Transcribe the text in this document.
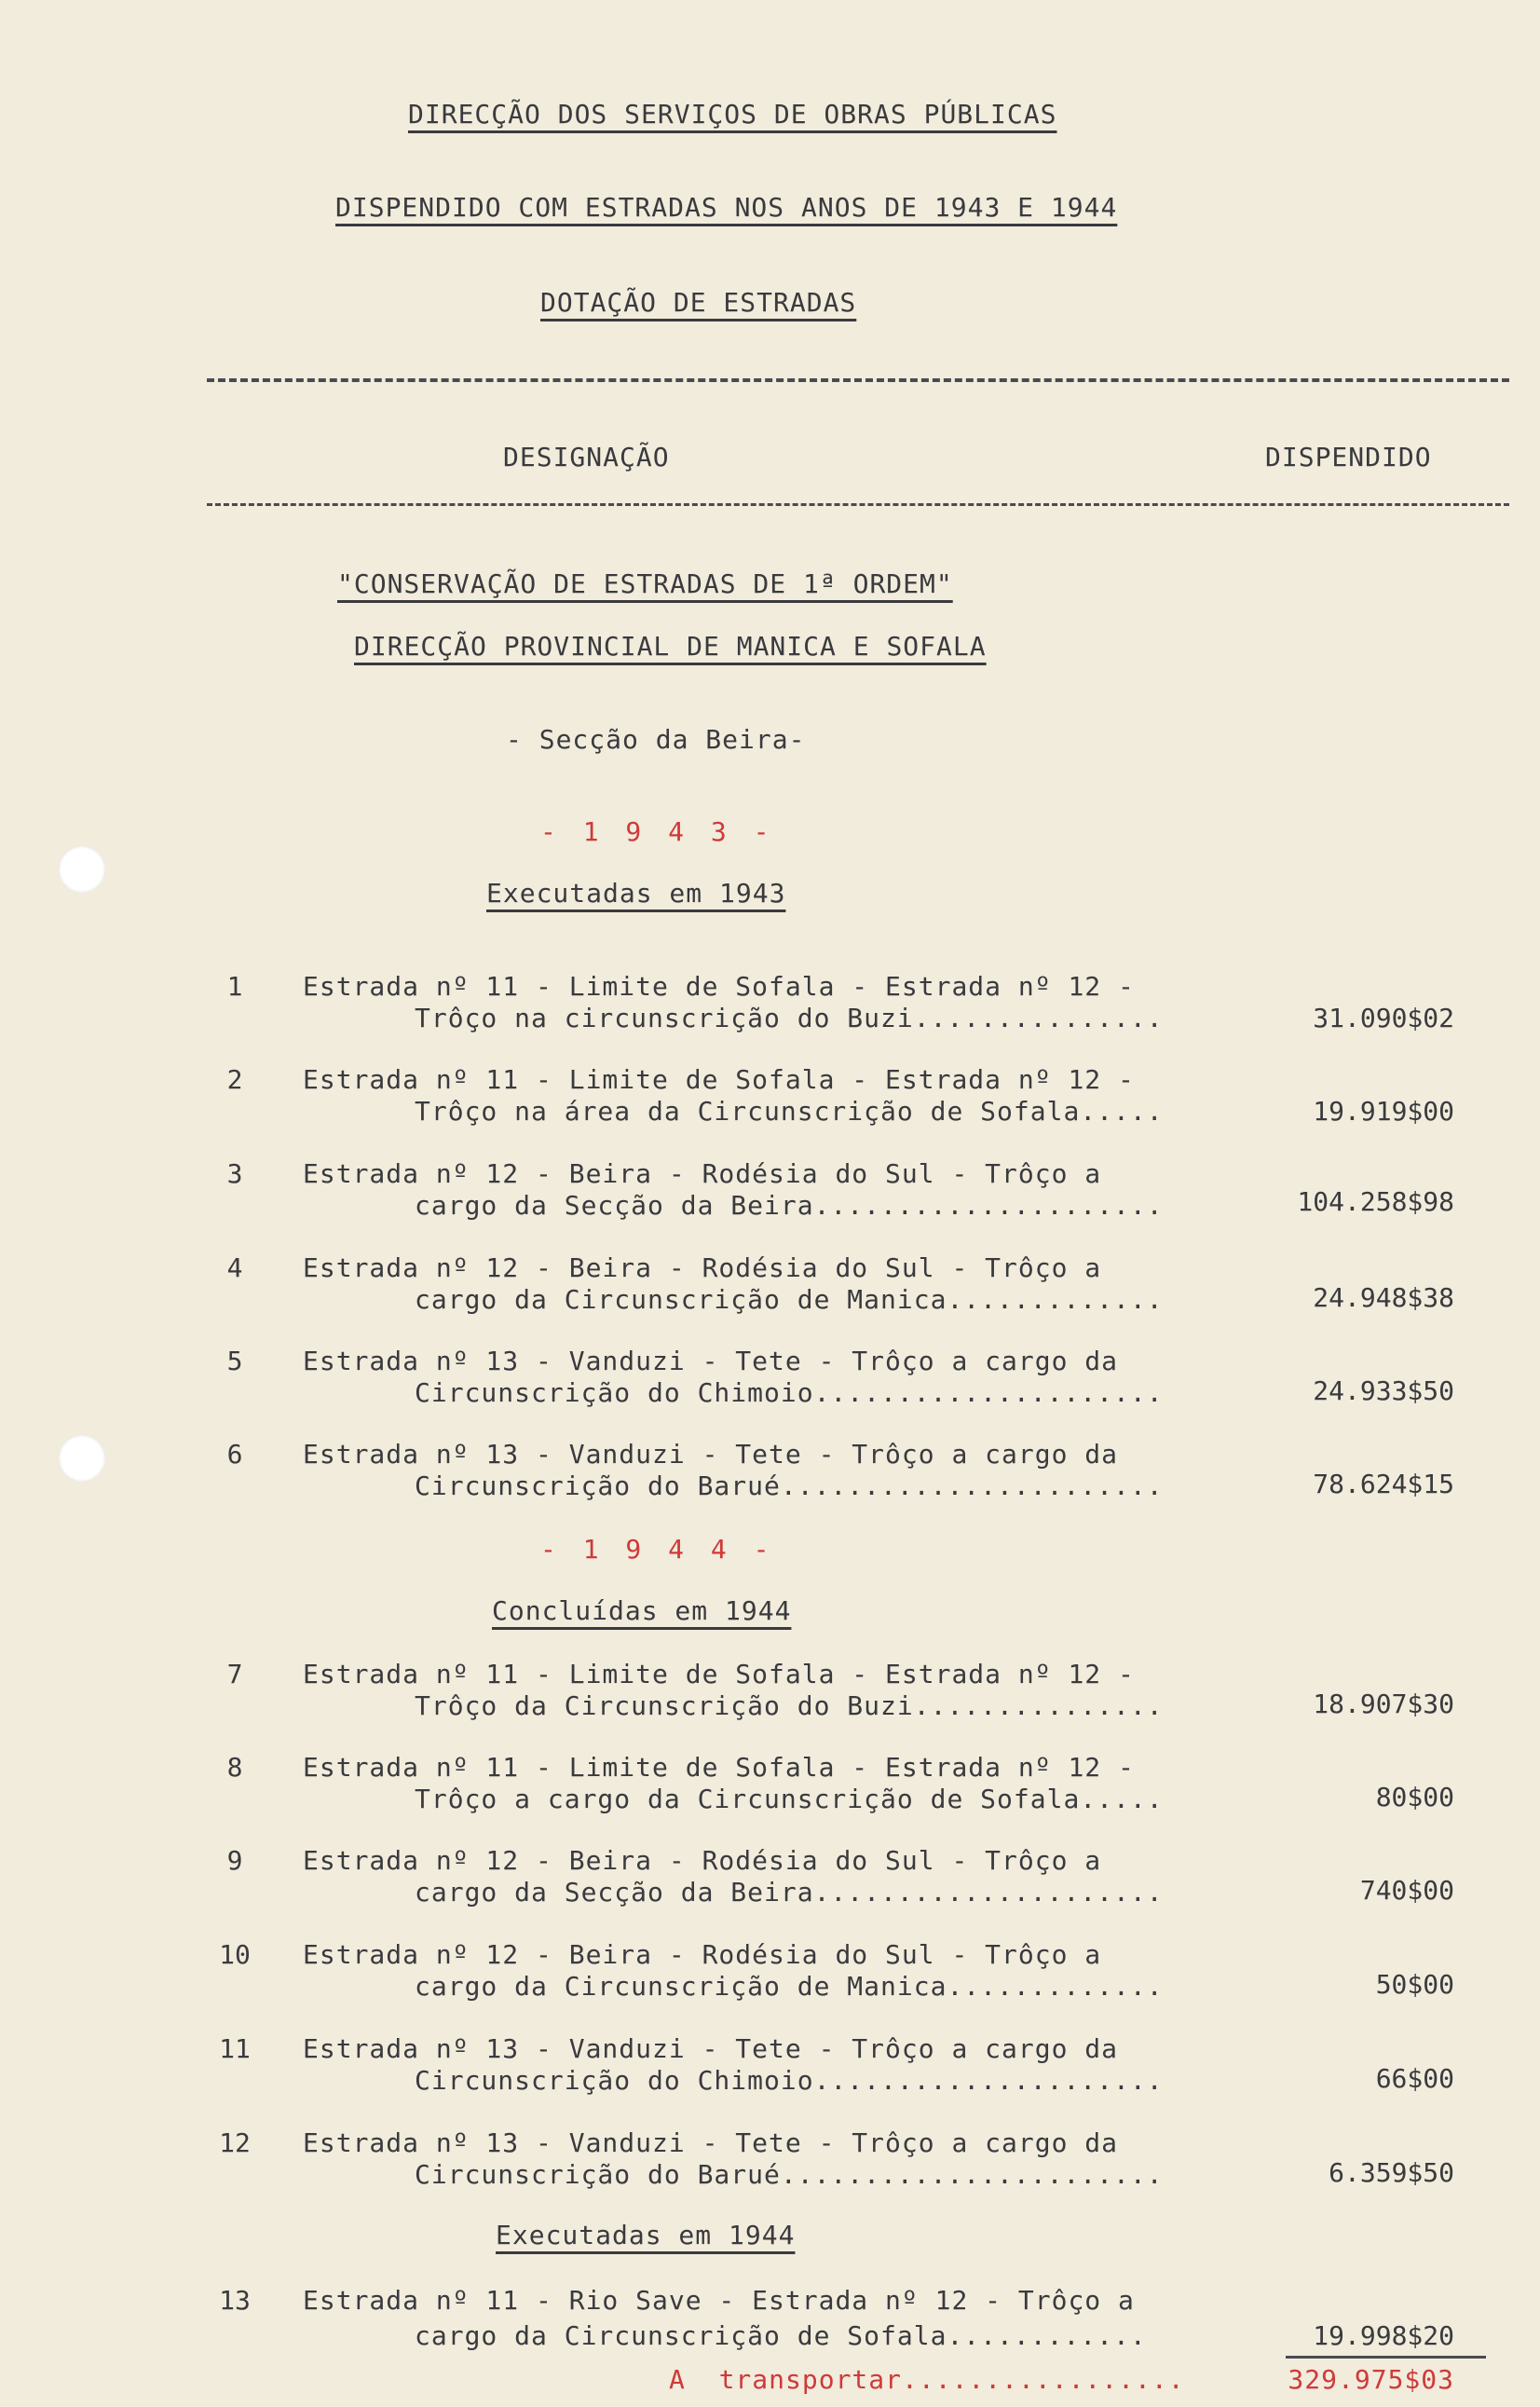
DIRECÇÃO DOS SERVIÇOS DE OBRAS PÚBLICAS
DISPENDIDO COM ESTRADAS NOS ANOS DE 1943 E 1944
DOTAÇÃO DE ESTRADAS
DESIGNAÇÃO	DISPENDIDO
"CONSERVAÇÃO DE ESTRADAS DE 1ª ORDEM"
DIRECÇÃO PROVINCIAL DE MANICA E SOFALA
- Secção da Beira-
- 1 9 4 3 -
Executadas em 1943
1	Estrada nº 11 - Limite de Sofala - Estrada nº 12 -
Trôço na circunscrição do Buzi...............	31.090$02
2	Estrada nº 11 - Limite de Sofala - Estrada nº 12 -
Trôço na área da Circunscrição de Sofala.....	19.919$00
3	Estrada nº 12 - Beira - Rodésia do Sul - Trôço a
cargo da Secção da Beira.....................	104.258$98
4	Estrada nº 12 - Beira - Rodésia do Sul - Trôço a
cargo da Circunscrição de Manica.............	24.948$38
5	Estrada nº 13 - Vanduzi - Tete - Trôço a cargo da
Circunscrição do Chimoio.....................	24.933$50
6	Estrada nº 13 - Vanduzi - Tete - Trôço a cargo da
Circunscrição do Barué.......................	78.624$15
- 1 9 4 4 -
Concluídas em 1944
7	Estrada nº 11 - Limite de Sofala - Estrada nº 12 -
Trôço da Circunscrição do Buzi...............	18.907$30
8	Estrada nº 11 - Limite de Sofala - Estrada nº 12 -
Trôço a cargo da Circunscrição de Sofala.....	80$00
9	Estrada nº 12 - Beira - Rodésia do Sul - Trôço a
cargo da Secção da Beira.....................	740$00
10	Estrada nº 12 - Beira - Rodésia do Sul - Trôço a
cargo da Circunscrição de Manica.............	50$00
11	Estrada nº 13 - Vanduzi - Tete - Trôço a cargo da
Circunscrição do Chimoio.....................	66$00
12	Estrada nº 13 - Vanduzi - Tete - Trôço a cargo da
Circunscrição do Barué.......................	6.359$50
Executadas em 1944
13	Estrada nº 11 - Rio Save - Estrada nº 12 - Trôço a
cargo da Circunscrição de Sofala............	19.998$20
A  transportar.................	329.975$03
